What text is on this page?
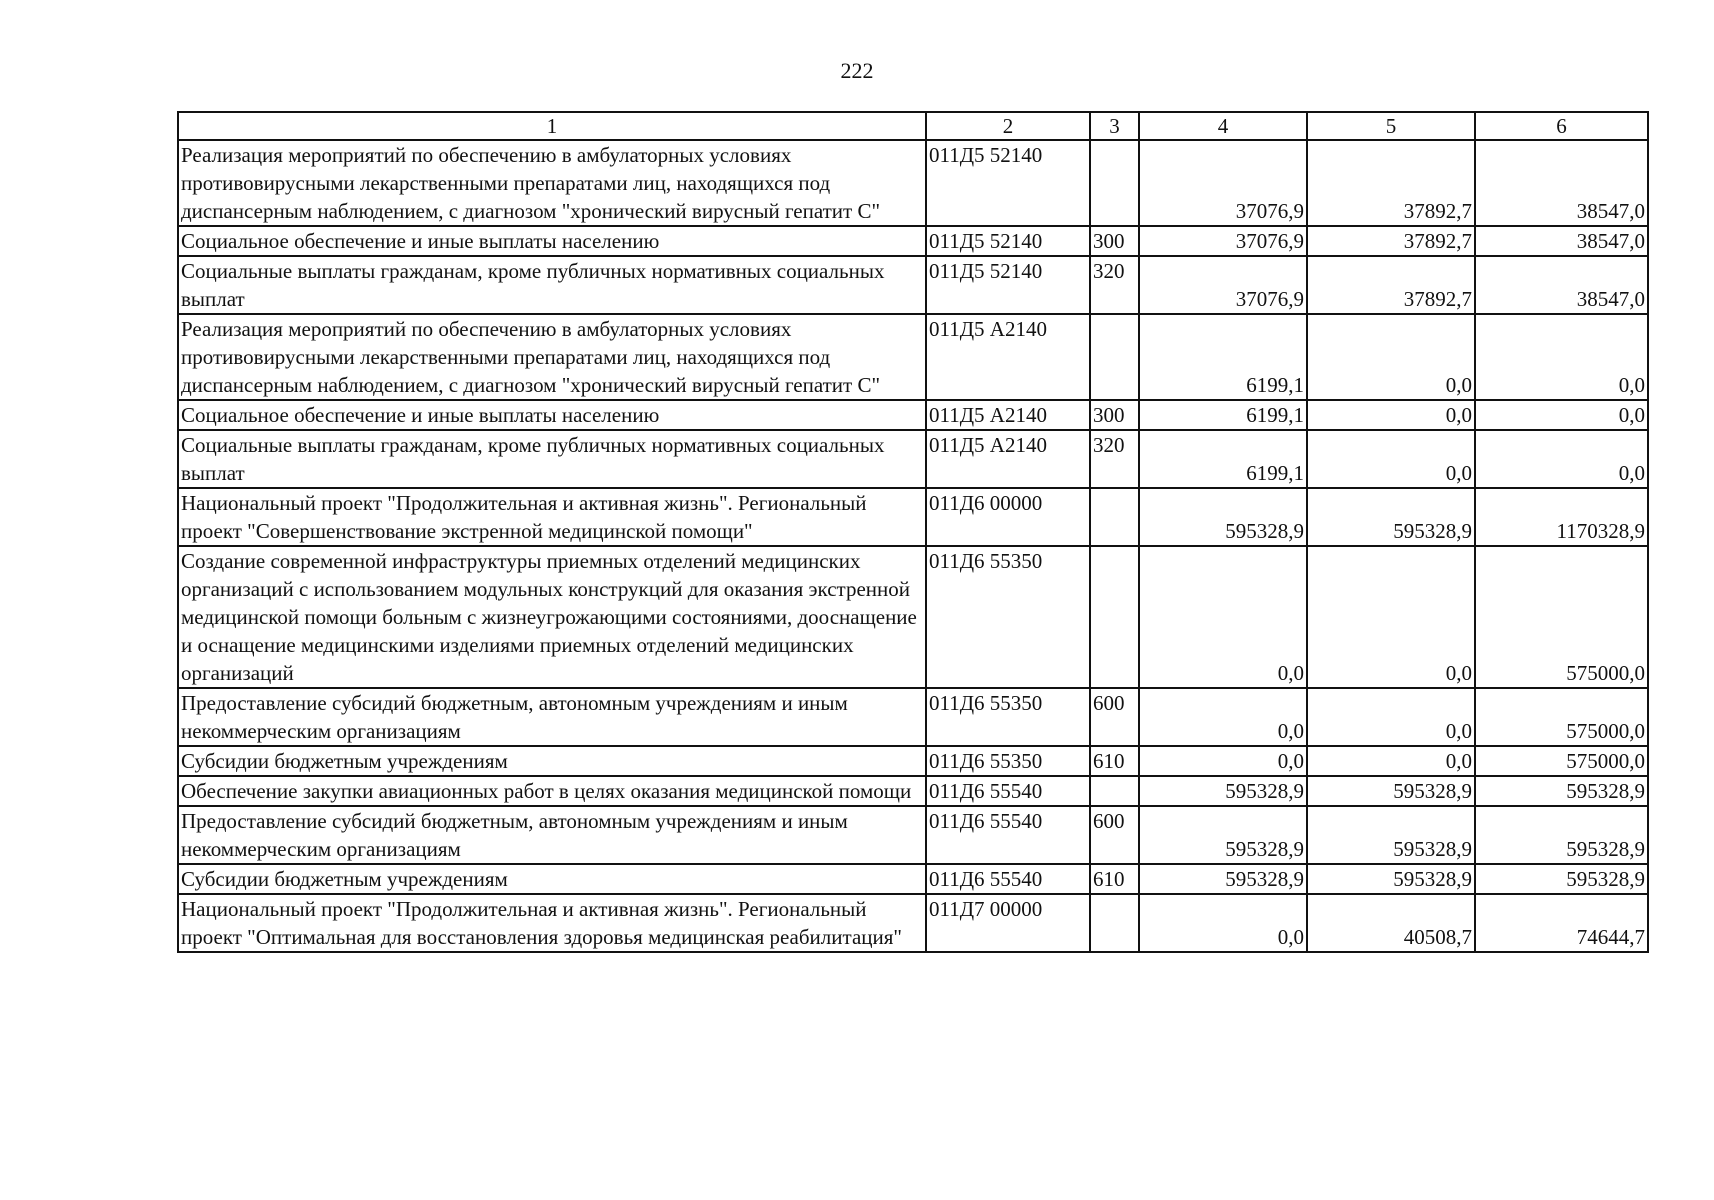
222
1	2	3	4	5	6
Реализация мероприятий по обеспечению в амбулаторных условиях противовирусными лекарственными препаратами лиц, находящихся под диспансерным наблюдением, с диагнозом "хронический вирусный гепатит С"	011Д5 52140		37076,9	37892,7	38547,0
Социальное обеспечение и иные выплаты населению	011Д5 52140	300	37076,9	37892,7	38547,0
Социальные выплаты гражданам, кроме публичных нормативных социальных выплат	011Д5 52140	320	37076,9	37892,7	38547,0
Реализация мероприятий по обеспечению в амбулаторных условиях противовирусными лекарственными препаратами лиц, находящихся под диспансерным наблюдением, с диагнозом "хронический вирусный гепатит С"	011Д5 А2140		6199,1	0,0	0,0
Социальное обеспечение и иные выплаты населению	011Д5 А2140	300	6199,1	0,0	0,0
Социальные выплаты гражданам, кроме публичных нормативных социальных выплат	011Д5 А2140	320	6199,1	0,0	0,0
Национальный проект "Продолжительная и активная жизнь". Региональный проект "Совершенствование экстренной медицинской помощи"	011Д6 00000		595328,9	595328,9	1170328,9
Создание современной инфраструктуры приемных отделений медицинских организаций с использованием модульных конструкций для оказания экстренной медицинской помощи больным с жизнеугрожающими состояниями, дооснащение и оснащение медицинскими изделиями приемных отделений медицинских организаций	011Д6 55350		0,0	0,0	575000,0
Предоставление субсидий бюджетным, автономным учреждениям и иным некоммерческим организациям	011Д6 55350	600	0,0	0,0	575000,0
Субсидии бюджетным учреждениям	011Д6 55350	610	0,0	0,0	575000,0
Обеспечение закупки авиационных работ в целях оказания медицинской помощи	011Д6 55540		595328,9	595328,9	595328,9
Предоставление субсидий бюджетным, автономным учреждениям и иным некоммерческим организациям	011Д6 55540	600	595328,9	595328,9	595328,9
Субсидии бюджетным учреждениям	011Д6 55540	610	595328,9	595328,9	595328,9
Национальный проект "Продолжительная и активная жизнь". Региональный проект "Оптимальная для восстановления здоровья медицинская реабилитация"	011Д7 00000		0,0	40508,7	74644,7
